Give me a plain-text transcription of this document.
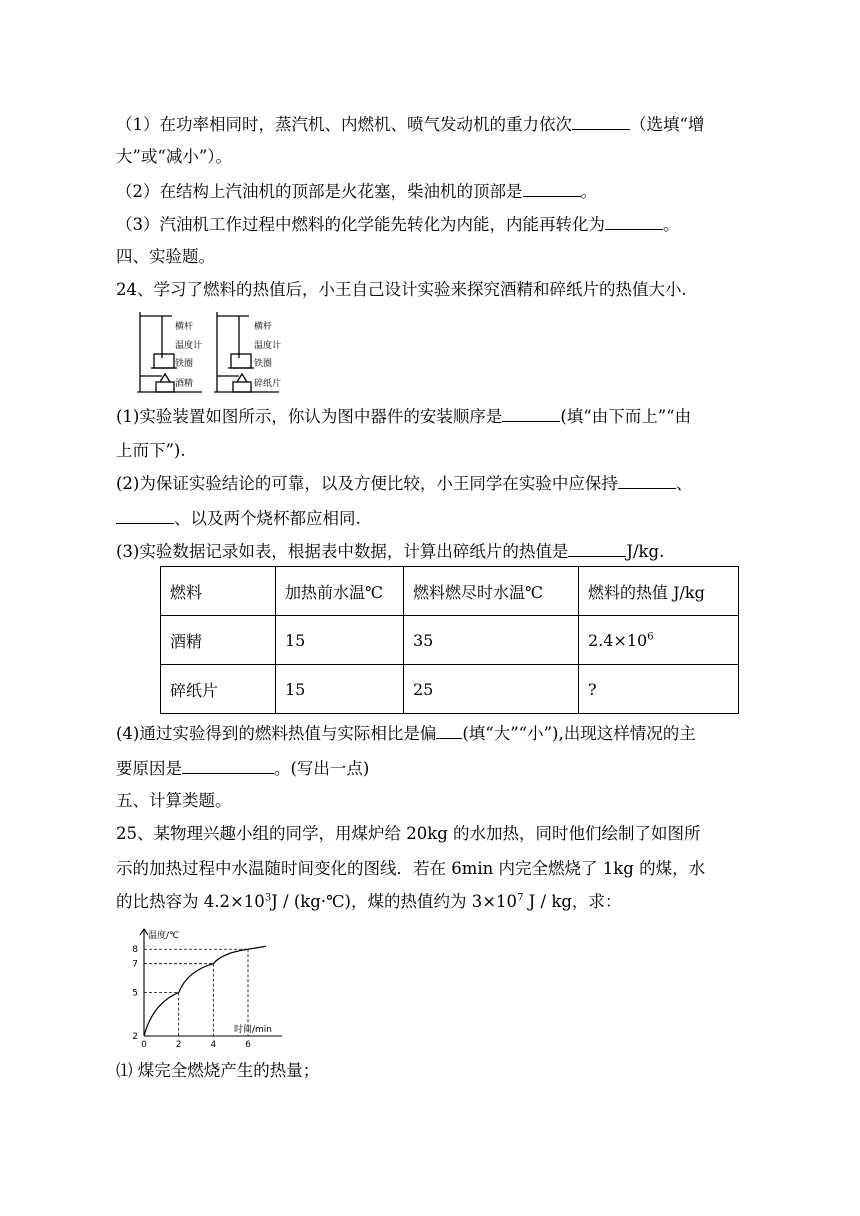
（1）在功率相同时，蒸汽机、内燃机、喷气发动机的重力依次	（选填“增
大”或“减小”）。
（2）在结构上汽油机的顶部是火花塞，柴油机的顶部是	。
（3）汽油机工作过程中燃料的化学能先转化为内能，内能再转化为	。
四、实验题。
24、学习了燃料的热值后，小王自己设计实验来探究酒精和碎纸片的热值大小.
横杆
温度计
铁圈
酒精
横杆
温度计
铁圈
碎纸片
(1)实验装置如图所示，你认为图中器件的安装顺序是	(填“由下而上”“由
上而下”).
(2)为保证实验结论的可靠，以及方便比较，小王同学在实验中应保持	、
、以及两个烧杯都应相同.
(3)实验数据记录如表，根据表中数据，计算出碎纸片的热值是	J/kg.
燃料	加热前水温℃	燃料燃尽时水温℃	燃料的热值 J/kg
酒精	15	35	$2.4\times 10^6$
碎纸片	15	25	?
(4)通过实验得到的燃料热值与实际相比是偏 (填“大”“小”),出现这样情况的主
要原因是	。(写出一点)
五、计算类题。
25、某物理兴趣小组的同学，用煤炉给 20kg 的水加热，同时他们绘制了如图所
示的加热过程中水温随时间变化的图线．若在 6min 内完全燃烧了 1kg 的煤，水
的比热容为 $4.2\times 10^3J$ / (kg·℃)，煤的热值约为 $3\times 10^7$ J / kg，求：
温度/℃
时间/min
8
7
5
2
0	2	4	6
⑴ 煤完全燃烧产生的热量；
